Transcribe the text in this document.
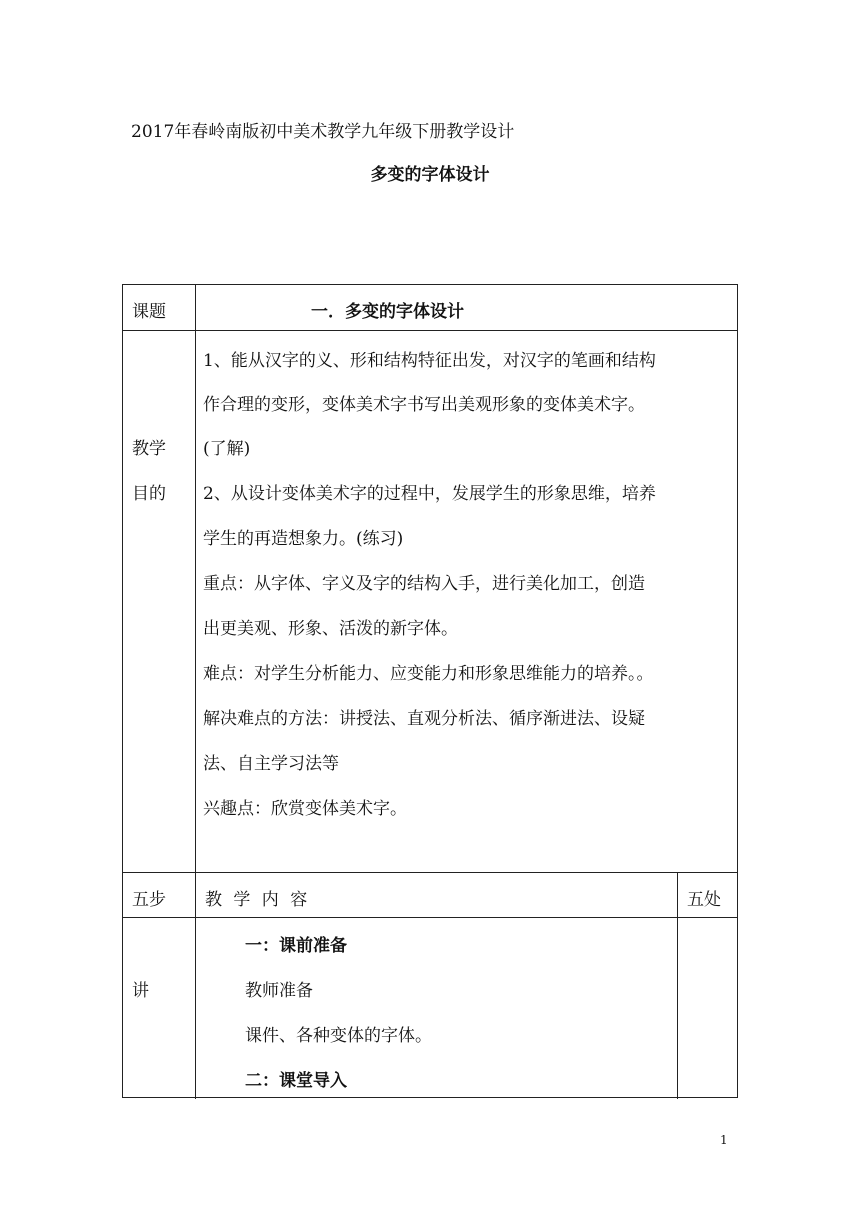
2017年春岭南版初中美术教学九年级下册教学设计
多变的字体设计
课题	一．多变的字体设计
教学
目的
1、能从汉字的义、形和结构特征出发，对汉字的笔画和结构
作合理的变形，变体美术字书写出美观形象的变体美术字。
(了解)
2、从设计变体美术字的过程中，发展学生的形象思维，培养
学生的再造想象力。(练习)
重点：从字体、字义及字的结构入手，进行美化加工，创造
出更美观、形象、活泼的新字体。
难点：对学生分析能力、应变能力和形象思维能力的培养。。
解决难点的方法：讲授法、直观分析法、循序渐进法、设疑
法、自主学习法等
兴趣点：欣赏变体美术字。
五步 教 学 内 容	五处
讲
一：课前准备
教师准备
课件、各种变体的字体。
二：课堂导入
1
